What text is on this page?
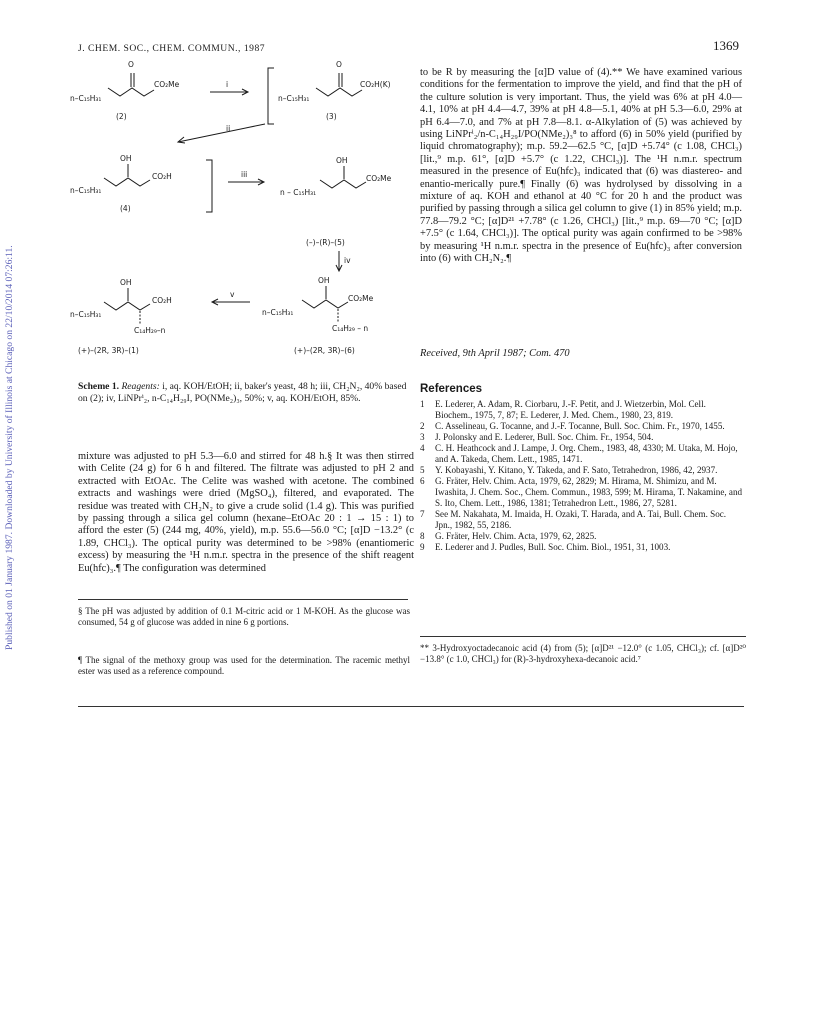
Published on 01 January 1987. Downloaded by University of Illinois at Chicago on 22/10/2014 07:26:11.
J. CHEM. SOC., CHEM. COMMUN., 1987	1369
O
CO₂Me
n–C₁₅H₃₁
(2)
i
O
CO₂H(K)
n–C₁₅H₃₁
(3)
ii
OH
CO₂H
n–C₁₅H₃₁
(4)
iii
OH
CO₂Me
n – C₁₅H₃₁
(–)–(R)–(5)
iv
OH
CO₂Me
n–C₁₅H₃₁
C₁₄H₂₉ – n
(+)–(2R, 3R)–(6)
v
OH
CO₂H
n–C₁₅H₃₁
C₁₄H₂₉–n
(+)–(2R, 3R)–(1)
Scheme 1. Reagents: i, aq. KOH/EtOH; ii, baker's yeast, 48 h; iii, CH₂N₂, 40% based on (2); iv, LiNPrⁱ₂, n-C₁₄H₂₉I, PO(NMe₂)₃, 50%; v, aq. KOH/EtOH, 85%.
mixture was adjusted to pH 5.3—6.0 and stirred for 48 h.§ It was then stirred with Celite (24 g) for 6 h and filtered. The filtrate was adjusted to pH 2 and extracted with EtOAc. The Celite was washed with acetone. The combined extracts and washings were dried (MgSO₄), filtered, and evaporated. The residue was treated with CH₂N₂ to give a crude solid (1.4 g). This was purified by passing through a silica gel column (hexane–EtOAc 20 : 1 → 15 : 1) to afford the ester (5) (244 mg, 40%, yield), m.p. 55.6—56.0 °C; [α]D −13.2° (c 1.89, CHCl₃). The optical purity was determined to be >98% (enantiomeric excess) by measuring the ¹H n.m.r. spectra in the presence of the shift reagent Eu(hfc)₃.¶ The configuration was determined
§ The pH was adjusted by addition of 0.1 M-citric acid or 1 M-KOH. As the glucose was consumed, 54 g of glucose was added in nine 6 g portions.
¶ The signal of the methoxy group was used for the determination. The racemic methyl ester was used as a reference compound.
to be R by measuring the [α]D value of (4).** We have examined various conditions for the fermentation to improve the yield, and find that the pH of the culture solution is very important. Thus, the yield was 6% at pH 4.0—4.1, 10% at pH 4.4—4.7, 39% at pH 4.8—5.1, 40% at pH 5.3—6.0, 29% at pH 6.4—7.0, and 7% at pH 7.8—8.1. α-Alkylation of (5) was achieved by using LiNPrⁱ₂/n-C₁₄H₂₉I/PO(NMe₂)₃⁸ to afford (6) in 50% yield (purified by liquid chromatography); m.p. 59.2—62.5 °C, [α]D +5.74° (c 1.08, CHCl₃) [lit.,⁹ m.p. 61°, [α]D +5.7° (c 1.22, CHCl₃)]. The ¹H n.m.r. spectrum measured in the presence of Eu(hfc)₃ indicated that (6) was diastereo- and enantio-merically pure.¶ Finally (6) was hydrolysed by dissolving in a mixture of aq. KOH and ethanol at 40 °C for 20 h and the product was purified by passing through a silica gel column to give (1) in 85% yield; m.p. 77.8—79.2 °C; [α]D²¹ +7.78° (c 1.26, CHCl₃) [lit.,⁹ m.p. 69—70 °C; [α]D +7.5° (c 1.64, CHCl₃)]. The optical purity was again confirmed to be >98% by measuring ¹H n.m.r. spectra in the presence of Eu(hfc)₃ after conversion into (6) with CH₂N₂.¶
Received, 9th April 1987; Com. 470
References
1 E. Lederer, A. Adam, R. Ciorbaru, J.-F. Petit, and J. Wietzerbin, Mol. Cell. Biochem., 1975, 7, 87; E. Lederer, J. Med. Chem., 1980, 23, 819.
2 C. Asselineau, G. Tocanne, and J.-F. Tocanne, Bull. Soc. Chim. Fr., 1970, 1455.
3 J. Polonsky and E. Lederer, Bull. Soc. Chim. Fr., 1954, 504.
4 C. H. Heathcock and J. Lampe, J. Org. Chem., 1983, 48, 4330; M. Utaka, M. Hojo, and A. Takeda, Chem. Lett., 1985, 1471.
5 Y. Kobayashi, Y. Kitano, Y. Takeda, and F. Sato, Tetrahedron, 1986, 42, 2937.
6 G. Fräter, Helv. Chim. Acta, 1979, 62, 2829; M. Hirama, M. Shimizu, and M. Iwashita, J. Chem. Soc., Chem. Commun., 1983, 599; M. Hirama, T. Nakamine, and S. Ito, Chem. Lett., 1986, 1381; Tetrahedron Lett., 1986, 27, 5281.
7 See M. Nakahata, M. Imaida, H. Ozaki, T. Harada, and A. Tai, Bull. Chem. Soc. Jpn., 1982, 55, 2186.
8 G. Fräter, Helv. Chim. Acta, 1979, 62, 2825.
9 E. Lederer and J. Pudles, Bull. Soc. Chim. Biol., 1951, 31, 1003.
** 3-Hydroxyoctadecanoic acid (4) from (5); [α]D²¹ −12.0° (c 1.05, CHCl₃); cf. [α]D²⁰ −13.8° (c 1.0, CHCl₃) for (R)-3-hydroxyhexa-decanoic acid.⁷
